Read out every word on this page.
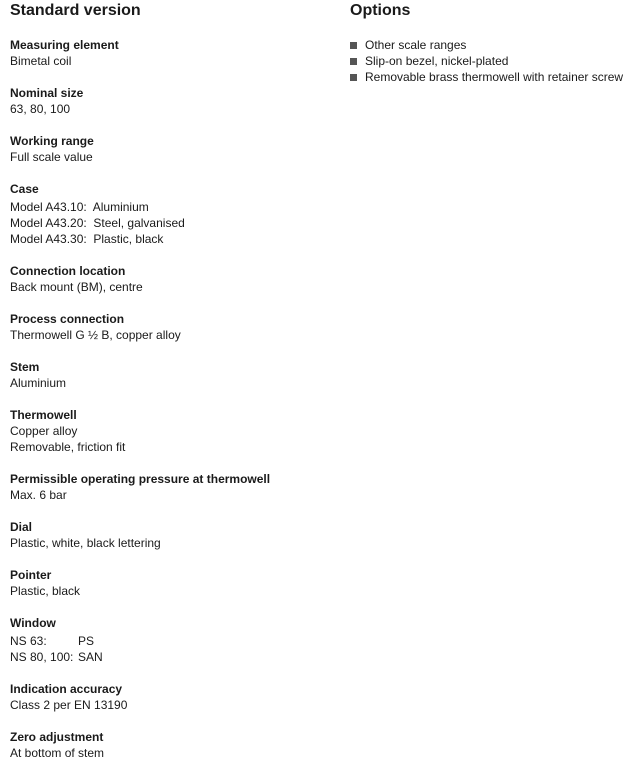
Standard version

Measuring element

Bimetal coil

Nominal size

63, 80, 100

Working range

Full scale value

Case

Model A43.10:  Aluminium

Model A43.20:  Steel, galvanised

Model A43.30:  Plastic, black

Connection location

Back mount (BM), centre

Process connection

Thermowell G ½ B, copper alloy

Stem

Aluminium

Thermowell

Copper alloy

Removable, friction fit

Permissible operating pressure at thermowell

Max. 6 bar

Dial

Plastic, white, black lettering

Pointer

Plastic, black

Window

NS 63:	PS
NS 80, 100: SAN

Indication accuracy

Class 2 per EN 13190

Zero adjustment

At bottom of stem

Options
Other scale ranges
Slip-on bezel, nickel-plated
Removable brass thermowell with retainer screw
